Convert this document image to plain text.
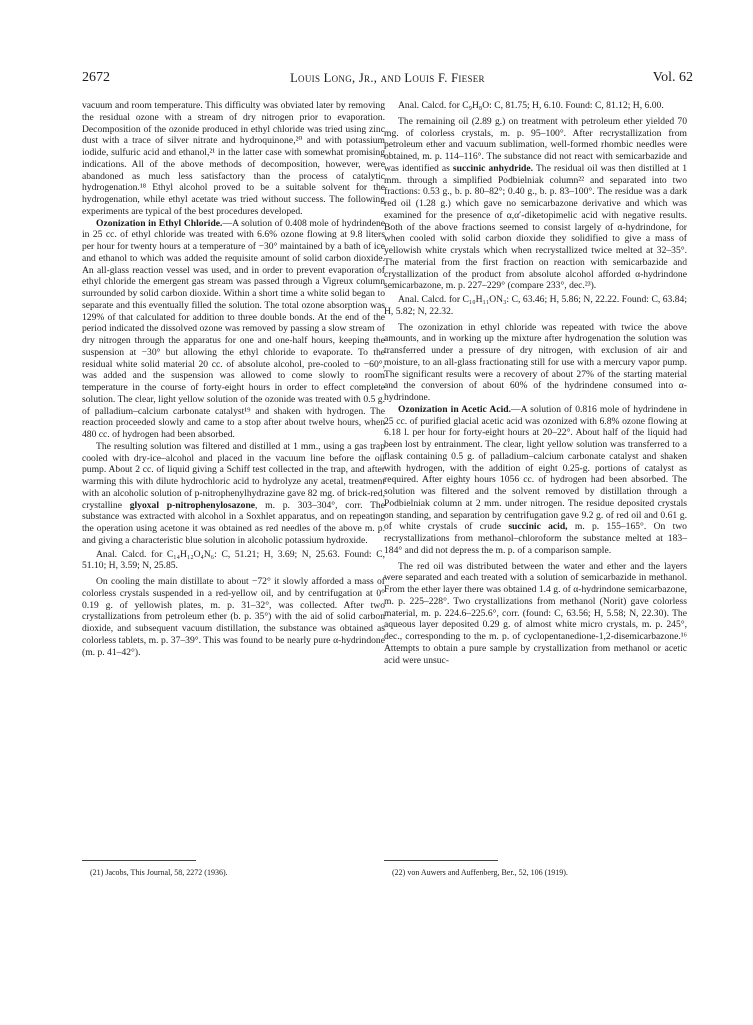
2672	Louis Long, Jr., and Louis F. Fieser	Vol. 62

vacuum and room temperature. This difficulty was obviated later by removing the residual ozone with a stream of dry nitrogen prior to evaporation. Decomposition of the ozonide produced in ethyl chloride was tried using zinc dust with a trace of silver nitrate and hydroquinone,²⁰ and with potassium iodide, sulfuric acid and ethanol,²¹ in the latter case with somewhat promising indications. All of the above methods of decomposition, however, were abandoned as much less satisfactory than the process of catalytic hydrogenation.¹⁸ Ethyl alcohol proved to be a suitable solvent for the hydrogenation, while ethyl acetate was tried without success. The following experiments are typical of the best procedures developed.

Ozonization in Ethyl Chloride.—A solution of 0.408 mole of hydrindene in 25 cc. of ethyl chloride was treated with 6.6% ozone flowing at 9.8 liters per hour for twenty hours at a temperature of −30° maintained by a bath of ice and ethanol to which was added the requisite amount of solid carbon dioxide. An all-glass reaction vessel was used, and in order to prevent evaporation of ethyl chloride the emergent gas stream was passed through a Vigreux column surrounded by solid carbon dioxide. Within a short time a white solid began to separate and this eventually filled the solution. The total ozone absorption was 129% of that calculated for addition to three double bonds. At the end of the period indicated the dissolved ozone was removed by passing a slow stream of dry nitrogen through the apparatus for one and one-half hours, keeping the suspension at −30° but allowing the ethyl chloride to evaporate. To the residual white solid material 20 cc. of absolute alcohol, pre-cooled to −60°, was added and the suspension was allowed to come slowly to room temperature in the course of forty-eight hours in order to effect complete solution. The clear, light yellow solution of the ozonide was treated with 0.5 g. of palladium–calcium carbonate catalyst¹⁹ and shaken with hydrogen. The reaction proceeded slowly and came to a stop after about twelve hours, when 480 cc. of hydrogen had been absorbed.

The resulting solution was filtered and distilled at 1 mm., using a gas trap cooled with dry-ice–alcohol and placed in the vacuum line before the oil pump. About 2 cc. of liquid giving a Schiff test collected in the trap, and after warming this with dilute hydrochloric acid to hydrolyze any acetal, treatment with an alcoholic solution of p-nitrophenylhydrazine gave 82 mg. of brick-red, crystalline glyoxal p-nitrophenylosazone, m. p. 303–304°, corr. The substance was extracted with alcohol in a Soxhlet apparatus, and on repeating the operation using acetone it was obtained as red needles of the above m. p. and giving a characteristic blue solution in alcoholic potassium hydroxide.

Anal. Calcd. for C₁₄H₁₂O₄N₆: C, 51.21; H, 3.69; N, 25.63. Found: C, 51.10; H, 3.59; N, 25.85.

On cooling the main distillate to about −72° it slowly afforded a mass of colorless crystals suspended in a red-yellow oil, and by centrifugation at 0° 0.19 g. of yellowish plates, m. p. 31–32°, was collected. After two crystallizations from petroleum ether (b. p. 35°) with the aid of solid carbon dioxide, and subsequent vacuum distillation, the substance was obtained as colorless tablets, m. p. 37–39°. This was found to be nearly pure α-hydrindone (m. p. 41–42°).

Anal. Calcd. for C₉H₈O: C, 81.75; H, 6.10. Found: C, 81.12; H, 6.00.

The remaining oil (2.89 g.) on treatment with petroleum ether yielded 70 mg. of colorless crystals, m. p. 95–100°. After recrystallization from petroleum ether and vacuum sublimation, well-formed rhombic needles were obtained, m. p. 114–116°. The substance did not react with semicarbazide and was identified as succinic anhydride. The residual oil was then distilled at 1 mm. through a simplified Podbielniak column²² and separated into two fractions: 0.53 g., b. p. 80–82°; 0.40 g., b. p. 83–100°. The residue was a dark red oil (1.28 g.) which gave no semicarbazone derivative and which was examined for the presence of α,α′-diketopimelic acid with negative results. Both of the above fractions seemed to consist largely of α-hydrindone, for when cooled with solid carbon dioxide they solidified to give a mass of yellowish white crystals which when recrystallized twice melted at 32–35°. The material from the first fraction on reaction with semicarbazide and crystallization of the product from absolute alcohol afforded α-hydrindone semicarbazone, m. p. 227–229° (compare 233°, dec.²³).

Anal. Calcd. for C₁₀H₁₁ON₃: C, 63.46; H, 5.86; N, 22.22. Found: C, 63.84; H, 5.82; N, 22.32.

The ozonization in ethyl chloride was repeated with twice the above amounts, and in working up the mixture after hydrogenation the solution was transferred under a pressure of dry nitrogen, with exclusion of air and moisture, to an all-glass fractionating still for use with a mercury vapor pump. The significant results were a recovery of about 27% of the starting material and the conversion of about 60% of the hydrindene consumed into α-hydrindone.

Ozonization in Acetic Acid.—A solution of 0.816 mole of hydrindene in 25 cc. of purified glacial acetic acid was ozonized with 6.8% ozone flowing at 6.18 l. per hour for forty-eight hours at 20–22°. About half of the liquid had been lost by entrainment. The clear, light yellow solution was transferred to a flask containing 0.5 g. of palladium–calcium carbonate catalyst and shaken with hydrogen, with the addition of eight 0.25-g. portions of catalyst as required. After eighty hours 1056 cc. of hydrogen had been absorbed. The solution was filtered and the solvent removed by distillation through a Podbielniak column at 2 mm. under nitrogen. The residue deposited crystals on standing, and separation by centrifugation gave 9.2 g. of red oil and 0.61 g. of white crystals of crude succinic acid, m. p. 155–165°. On two recrystallizations from methanol–chloroform the substance melted at 183–184° and did not depress the m. p. of a comparison sample.

The red oil was distributed between the water and ether and the layers were separated and each treated with a solution of semicarbazide in methanol. From the ether layer there was obtained 1.4 g. of α-hydrindone semicarbazone, m. p. 225–228°. Two crystallizations from methanol (Norit) gave colorless material, m. p. 224.6–225.6°, corr. (found: C, 63.56; H, 5.58; N, 22.30). The aqueous layer deposited 0.29 g. of almost white micro crystals, m. p. 245°, dec., corresponding to the m. p. of cyclopentanedione-1,2-disemicarbazone.¹⁶ Attempts to obtain a pure sample by crystallization from methanol or acetic acid were unsuc-

(21) Jacobs, This Journal, 58, 2272 (1936).	(22) von Auwers and Auffenberg, Ber., 52, 106 (1919).
